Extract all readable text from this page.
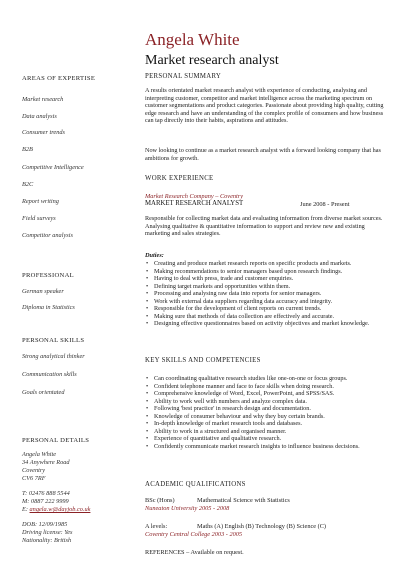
Angela White
Market research analyst
AREAS OF EXPERTISE
Market research
Data analysis
Consumer trends
B2B
Competitive Intelligence
B2C
Report writing
Field surveys
Competitor analysis
PROFESSIONAL
German speaker
Diploma in Statistics
PERSONAL SKILLS
Strong analytical thinker
Communication skills
Goals orientated
PERSONAL DETAILS
Angela White
34 Anywhere Road
Coventry
CV6 7RF
T: 02476 888 5544
M: 0887 222 9999
E: angela.w@dayjob.co.uk
DOB: 12/09/1985
Driving license: Yes
Nationality: British
PERSONAL SUMMARY

A results orientated market research analyst with experience of conducting, analysing and interpreting customer, competitor and market intelligence across the marketing spectrum on customer segmentations and product categories. Passionate about providing high quality, cutting edge research and have an understanding of the complex profile of consumers and how business can tap directly into their habits, aspirations and attitudes.

Now looking to continue as a market research analyst with a forward looking company that has ambitions for growth.

WORK EXPERIENCE
Market Research Company – Coventry
MARKET RESEARCH ANALYST	June 2008 - Present

Responsible for collecting market data and evaluating information from diverse market sources. Analysing qualitative & quantitative information to support and review new and existing marketing and sales strategies.

Duties:
• Creating and produce market research reports on specific products and markets.
• Making recommendations to senior managers based upon research findings.
• Having to deal with press, trade and customer enquiries.
• Defining target markets and opportunities within them.
• Processing and analysing raw data into reports for senior managers.
• Work with external data suppliers regarding data accuracy and integrity.
• Responsible for the development of client reports on current trends.
• Making sure that methods of data collection are effectively and accurate.
• Designing effective questionnaires based on activity objectives and market knowledge.
KEY SKILLS AND COMPETENCIES
• Can coordinating qualitative research studies like one-on-one or focus groups.
• Confident telephone manner and face to face skills when doing research.
• Comprehensive knowledge of Word, Excel, PowerPoint, and SPSS/SAS.
• Ability to work well with numbers and analyze complex data.
• Following 'best practice' in research design and documentation.
• Knowledge of consumer behaviour and why they buy certain brands.
• In-depth knowledge of market research tools and databases.
• Ability to work in a structured and organised manner.
• Experience of quantitative and qualitative research.
• Confidently communicate market research insights to influence business decisions.
ACADEMIC QUALIFICATIONS
BSc (Hons)	Mathematical Science with Statistics
Nuneaton University 2005 - 2008
A levels:	Maths (A) English (B) Technology (B) Science (C)
Coventry Central College 2003 - 2005
REFERENCES – Available on request.
